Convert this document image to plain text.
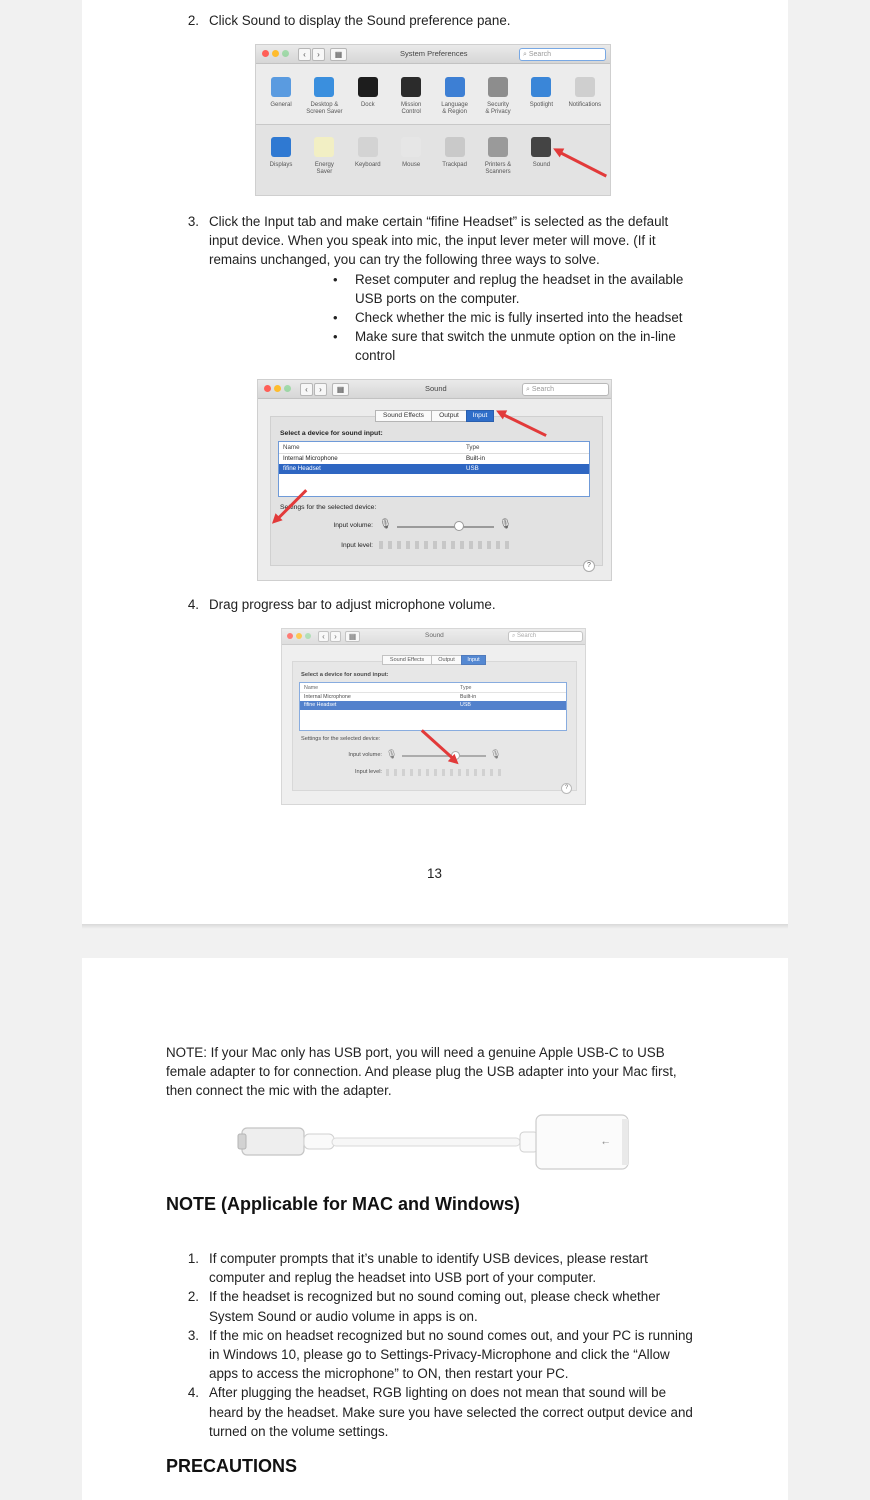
2. Click Sound to display the Sound preference pane.
‹	›	▦	System Preferences	⌕ Search
General	Desktop &
Screen Saver
Dock	Mission
Control
Language
& Region
Security
& Privacy
Spotlight	Notifications
Displays	Energy
Saver
Keyboard	Mouse	Trackpad	Printers &
Scanners
Sound
3. Click the Input tab and make certain “fifine Headset” is selected as the default
input device. When you speak into mic, the input lever meter will move. (If it
remains unchanged, you can try the following three ways to solve.
• Reset computer and replug the headset in the available
USB ports on the computer.
• Check whether the mic is fully inserted into the headset
• Make sure that switch the unmute option on the in-line
control
‹	›	▦	Sound	⌕ Search
Sound Effects	Output	Input
Select a device for sound input:
Name	Type
Internal Microphone	Built-in
fifine Headset	USB
Settings for the selected device:
Input volume: 🎙	🎙
Input level:
?
4. Drag progress bar to adjust microphone volume.
‹	›	▦	Sound	⌕ Search
Sound Effects	Output	Input
Select a device for sound input:
Name	Type
Internal Microphone	Built-in
fifine Headset	USB
Settings for the selected device:
Input volume: 🎙	🎙
Input level:
?
13
NOTE: If your Mac only has USB port, you will need a genuine Apple USB-C to USB
female adapter to for connection. And please plug the USB adapter into your Mac first,
then connect the mic with the adapter.
⭠
NOTE (Applicable for MAC and Windows)
PRECAUTIONS
1. If computer prompts that it’s unable to identify USB devices, please restart
computer and replug the headset into USB port of your computer.
2. If the headset is recognized but no sound coming out, please check whether
System Sound or audio volume in apps is on.
3. If the mic on headset recognized but no sound comes out, and your PC is running
in Windows 10, please go to Settings-Privacy-Microphone and click the “Allow
apps to access the microphone” to ON, then restart your PC.
4. After plugging the headset, RGB lighting on does not mean that sound will be
heard by the headset. Make sure you have selected the correct output device and
turned on the volume settings.
